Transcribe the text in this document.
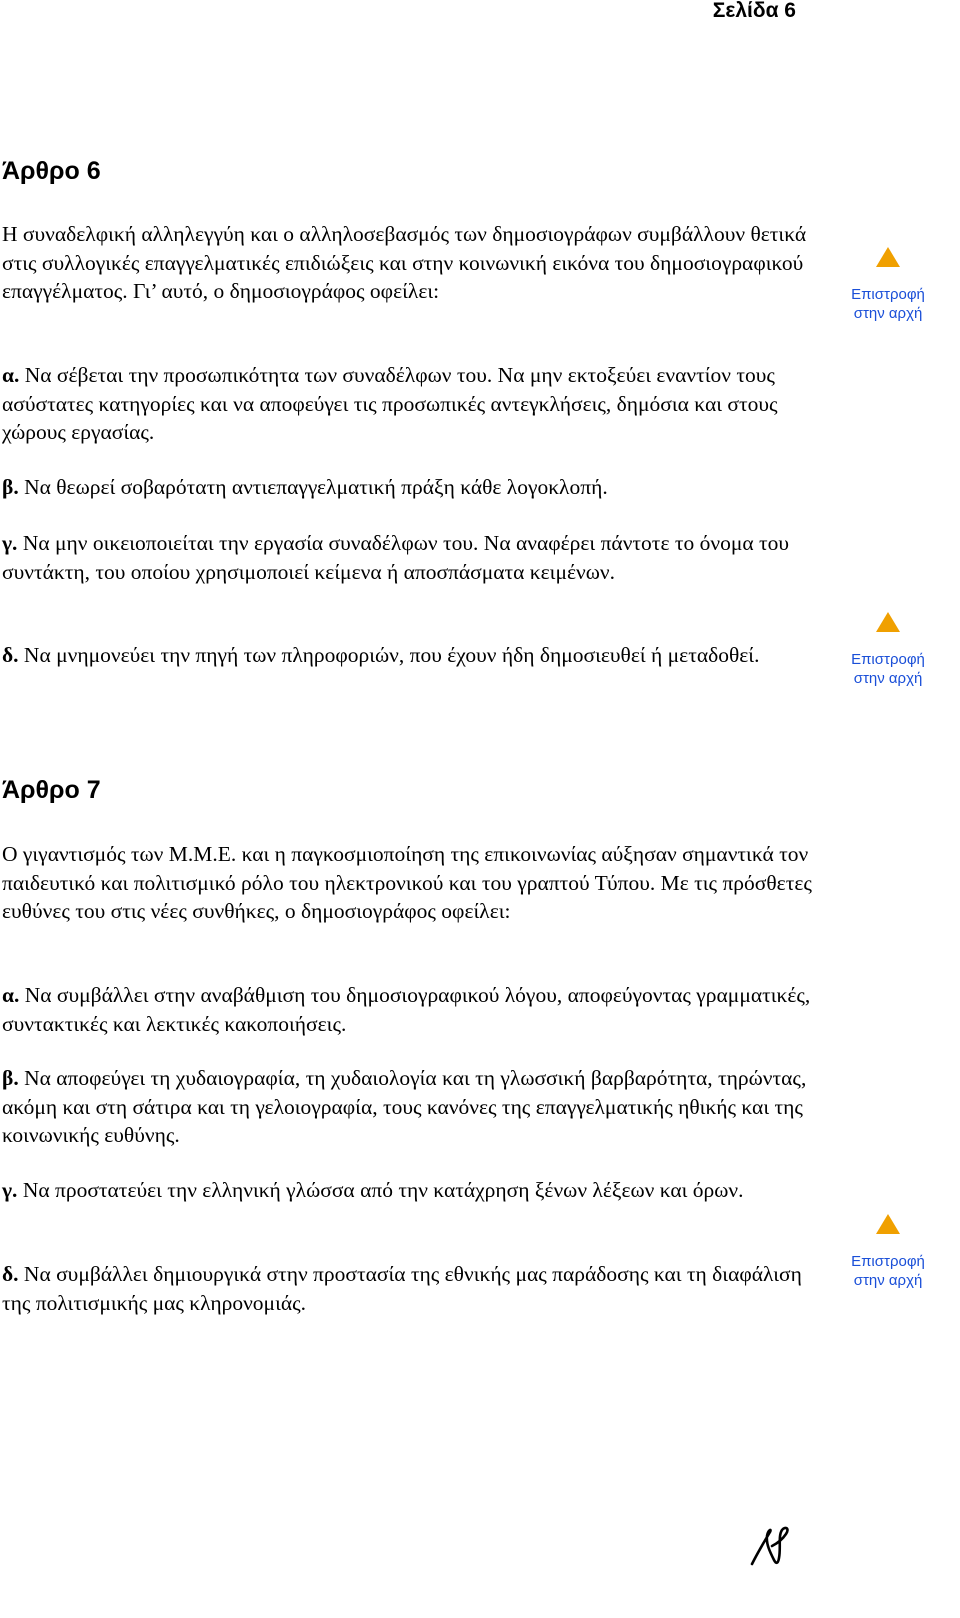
Σελίδα 6
Άρθρο 6

Η συναδελφική αλληλεγγύη και ο αλληλοσεβασμός των δημοσιογράφων συμβάλλουν θετικά στις συλλογικές επαγγελματικές επιδιώξεις και στην κοινωνική εικόνα του δημοσιογραφικού επαγγέλματος. Γι’ αυτό, ο δημοσιογράφος οφείλει:

α. Να σέβεται την προσωπικότητα των συναδέλφων του. Να μην εκτοξεύει εναντίον τους ασύστατες κατηγορίες και να αποφεύγει τις προσωπικές αντεγκλήσεις, δημόσια και στους χώρους εργασίας.

β. Να θεωρεί σοβαρότατη αντιεπαγγελματική πράξη κάθε λογοκλοπή.

γ. Να μην οικειοποιείται την εργασία συναδέλφων του. Να αναφέρει πάντοτε το όνομα του συντάκτη, του οποίου χρησιμοποιεί κείμενα ή αποσπάσματα κειμένων.

δ. Να μνημονεύει την πηγή των πληροφοριών, που έχουν ήδη δημοσιευθεί ή μεταδοθεί.

Άρθρο 7

Ο γιγαντισμός των Μ.Μ.Ε. και η παγκοσμιοποίηση της επικοινωνίας αύξησαν σημαντικά τον παιδευτικό και πολιτισμικό ρόλο του ηλεκτρονικού και του γραπτού Τύπου. Με τις πρόσθετες ευθύνες του στις νέες συνθήκες, ο δημοσιογράφος οφείλει:

α. Να συμβάλλει στην αναβάθμιση του δημοσιογραφικού λόγου, αποφεύγοντας γραμματικές, συντακτικές και λεκτικές κακοποιήσεις.

β. Να αποφεύγει τη χυδαιογραφία, τη χυδαιολογία και τη γλωσσική βαρβαρότητα, τηρώντας, ακόμη και στη σάτιρα και τη γελοιογραφία, τους κανόνες της επαγγελματικής ηθικής και της κοινωνικής ευθύνης.

γ. Να προστατεύει την ελληνική γλώσσα από την κατάχρηση ξένων λέξεων και όρων.

δ. Να συμβάλλει δημιουργικά στην προστασία της εθνικής μας παράδοσης και τη διαφάλιση της πολιτισμικής μας κληρονομιάς.

Επιστροφή
στην αρχή
Επιστροφή
στην αρχή
Επιστροφή
στην αρχή
